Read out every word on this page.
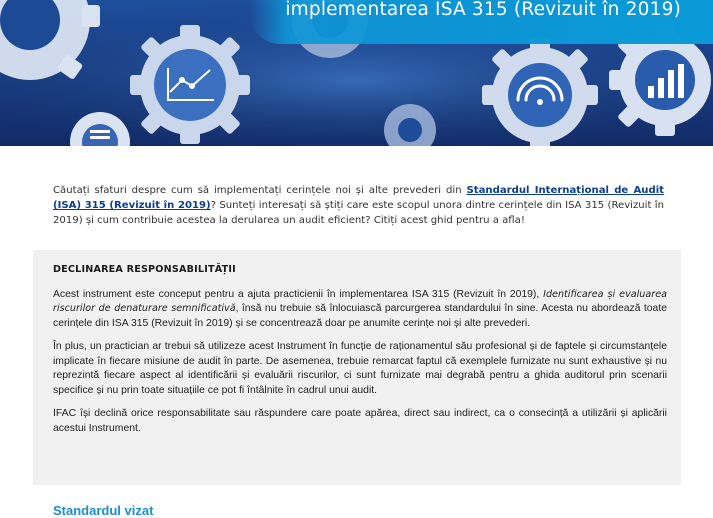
implementarea ISA 315 (Revizuit în 2019)
Căutați sfaturi despre cum să implementați cerințele noi și alte prevederi din Standardul Internațional de Audit (ISA) 315 (Revizuit în 2019)? Sunteți interesați să știți care este scopul unora dintre cerințele din ISA 315 (Revizuit în 2019) și cum contribuie acestea la derularea un audit eficient? Citiți acest ghid pentru a afla!
DECLINAREA RESPONSABILITĂȚII

Acest instrument este conceput pentru a ajuta practicienii în implementarea ISA 315 (Revizuit în 2019), Identificarea și evaluarea riscurilor de denaturare semnificativă, însă nu trebuie să înlocuiască parcurgerea standardului în sine. Acesta nu abordează toate cerințele din ISA 315 (Revizuit în 2019) și se concentrează doar pe anumite cerințe noi și alte prevederi.

În plus, un practician ar trebui să utilizeze acest Instrument în funcție de raționamentul său profesional și de faptele și circumstanțele implicate în fiecare misiune de audit în parte. De asemenea, trebuie remarcat faptul că exemplele furnizate nu sunt exhaustive și nu reprezintă fiecare aspect al identificării și evaluării riscurilor, ci sunt furnizate mai degrabă pentru a ghida auditorul prin scenarii specifice și nu prin toate situațiile ce pot fi întâlnite în cadrul unui audit.

IFAC își declină orice responsabilitate sau răspundere care poate apărea, direct sau indirect, ca o consecință a utilizării și aplicării acestui Instrument.

Standardul vizat
